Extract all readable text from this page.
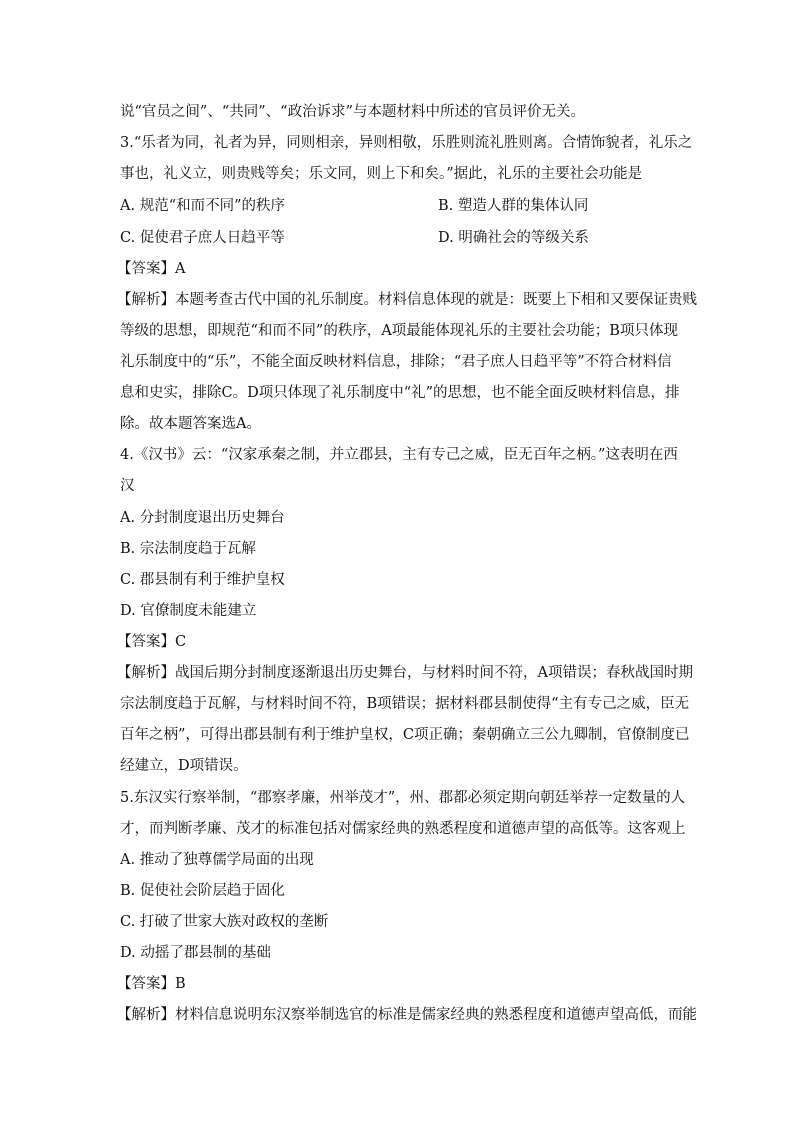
说“官员之间”、“共同”、“政治诉求”与本题材料中所述的官员评价无关。
3.“乐者为同，礼者为异，同则相亲，异则相敬，乐胜则流礼胜则离。合情饰貌者，礼乐之
事也，礼义立，则贵贱等矣；乐文同，则上下和矣。”据此，礼乐的主要社会功能是
A. 规范“和而不同”的秩序	B. 塑造人群的集体认同
C. 促使君子庶人日趋平等	D. 明确社会的等级关系
【答案】A
【解析】本题考查古代中国的礼乐制度。材料信息体现的就是：既要上下相和又要保证贵贱
等级的思想，即规范“和而不同”的秩序，A项最能体现礼乐的主要社会功能；B项只体现
礼乐制度中的“乐”，不能全面反映材料信息，排除；“君子庶人日趋平等”不符合材料信
息和史实，排除C。D项只体现了礼乐制度中“礼”的思想，也不能全面反映材料信息，排
除。故本题答案选A。
4.《汉书》云：“汉家承秦之制，并立郡县，主有专己之威，臣无百年之柄。”这表明在西
汉
A. 分封制度退出历史舞台
B. 宗法制度趋于瓦解
C. 郡县制有利于维护皇权
D. 官僚制度未能建立
【答案】C
【解析】战国后期分封制度逐渐退出历史舞台，与材料时间不符，A项错误；春秋战国时期
宗法制度趋于瓦解，与材料时间不符，B项错误；据材料郡县制使得“主有专己之威，臣无
百年之柄”，可得出郡县制有利于维护皇权，C项正确；秦朝确立三公九卿制，官僚制度已
经建立，D项错误。
5.东汉实行察举制，“郡察孝廉，州举茂才”，州、郡都必须定期向朝廷举荐一定数量的人
才，而判断孝廉、茂才的标准包括对儒家经典的熟悉程度和道德声望的高低等。这客观上
A. 推动了独尊儒学局面的出现
B. 促使社会阶层趋于固化
C. 打破了世家大族对政权的垄断
D. 动摇了郡县制的基础
【答案】B
【解析】材料信息说明东汉察举制选官的标准是儒家经典的熟悉程度和道德声望高低，而能
